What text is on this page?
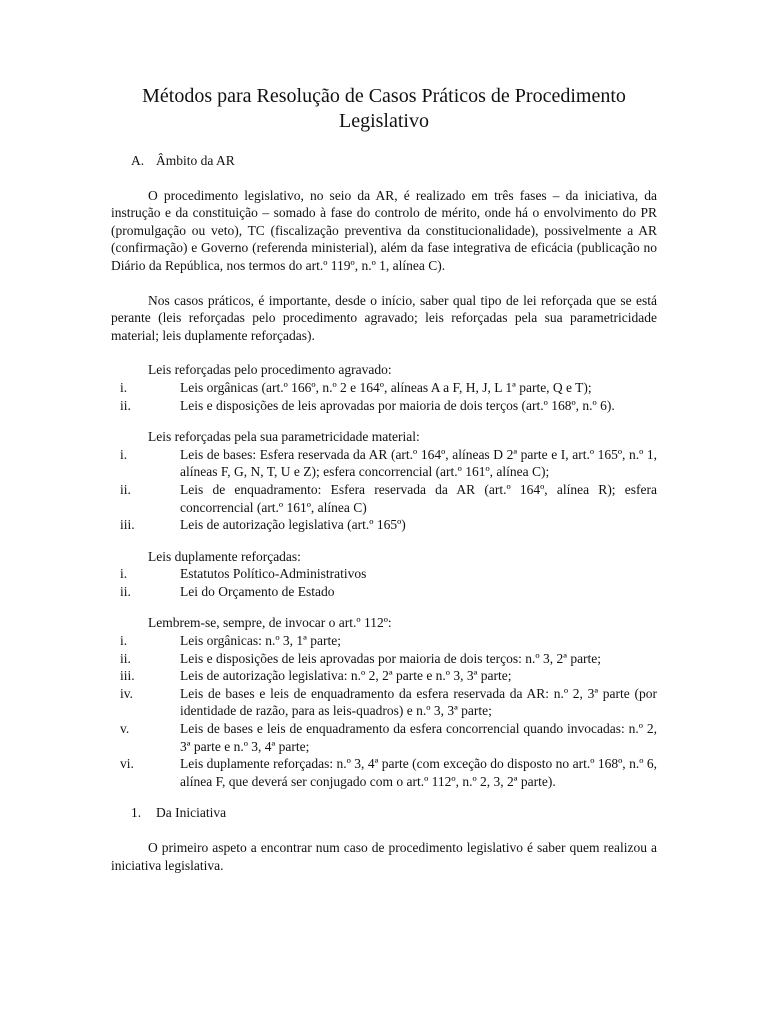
Métodos para Resolução de Casos Práticos de Procedimento Legislativo

A. Âmbito da AR

O procedimento legislativo, no seio da AR, é realizado em três fases – da iniciativa, da instrução e da constituição – somado à fase do controlo de mérito, onde há o envolvimento do PR (promulgação ou veto), TC (fiscalização preventiva da constitucionalidade), possivelmente a AR (confirmação) e Governo (referenda ministerial), além da fase integrativa de eficácia (publicação no Diário da República, nos termos do art.º 119º, n.º 1, alínea C).

Nos casos práticos, é importante, desde o início, saber qual tipo de lei reforçada que se está perante (leis reforçadas pelo procedimento agravado; leis reforçadas pela sua parametricidade material; leis duplamente reforçadas).

Leis reforçadas pelo procedimento agravado:

i.	Leis orgânicas (art.º 166º, n.º 2 e 164º, alíneas A a F, H, J, L 1ª parte, Q e T);
ii.	Leis e disposições de leis aprovadas por maioria de dois terços (art.º 168º, n.º 6).

Leis reforçadas pela sua parametricidade material:

i.	Leis de bases: Esfera reservada da AR (art.º 164º, alíneas D 2ª parte e I, art.º 165º, n.º 1, alíneas F, G, N, T, U e Z); esfera concorrencial (art.º 161º, alínea C);
ii.	Leis de enquadramento: Esfera reservada da AR (art.º 164º, alínea R); esfera concorrencial (art.º 161º, alínea C)
iii.	Leis de autorização legislativa (art.º 165º)

Leis duplamente reforçadas:

i.	Estatutos Político-Administrativos
ii.	Lei do Orçamento de Estado

Lembrem-se, sempre, de invocar o art.º 112º:

i.	Leis orgânicas: n.º 3, 1ª parte;
ii.	Leis e disposições de leis aprovadas por maioria de dois terços: n.º 3, 2ª parte;
iii.	Leis de autorização legislativa: n.º 2, 2ª parte e n.º 3, 3ª parte;
iv.	Leis de bases e leis de enquadramento da esfera reservada da AR: n.º 2, 3ª parte (por identidade de razão, para as leis-quadros) e n.º 3, 3ª parte;
v.	Leis de bases e leis de enquadramento da esfera concorrencial quando invocadas: n.º 2, 3ª parte e n.º 3, 4ª parte;
vi.	Leis duplamente reforçadas: n.º 3, 4ª parte (com exceção do disposto no art.º 168º, n.º 6, alínea F, que deverá ser conjugado com o art.º 112º, n.º 2, 3, 2ª parte).

1. Da Iniciativa

O primeiro aspeto a encontrar num caso de procedimento legislativo é saber quem realizou a iniciativa legislativa.
